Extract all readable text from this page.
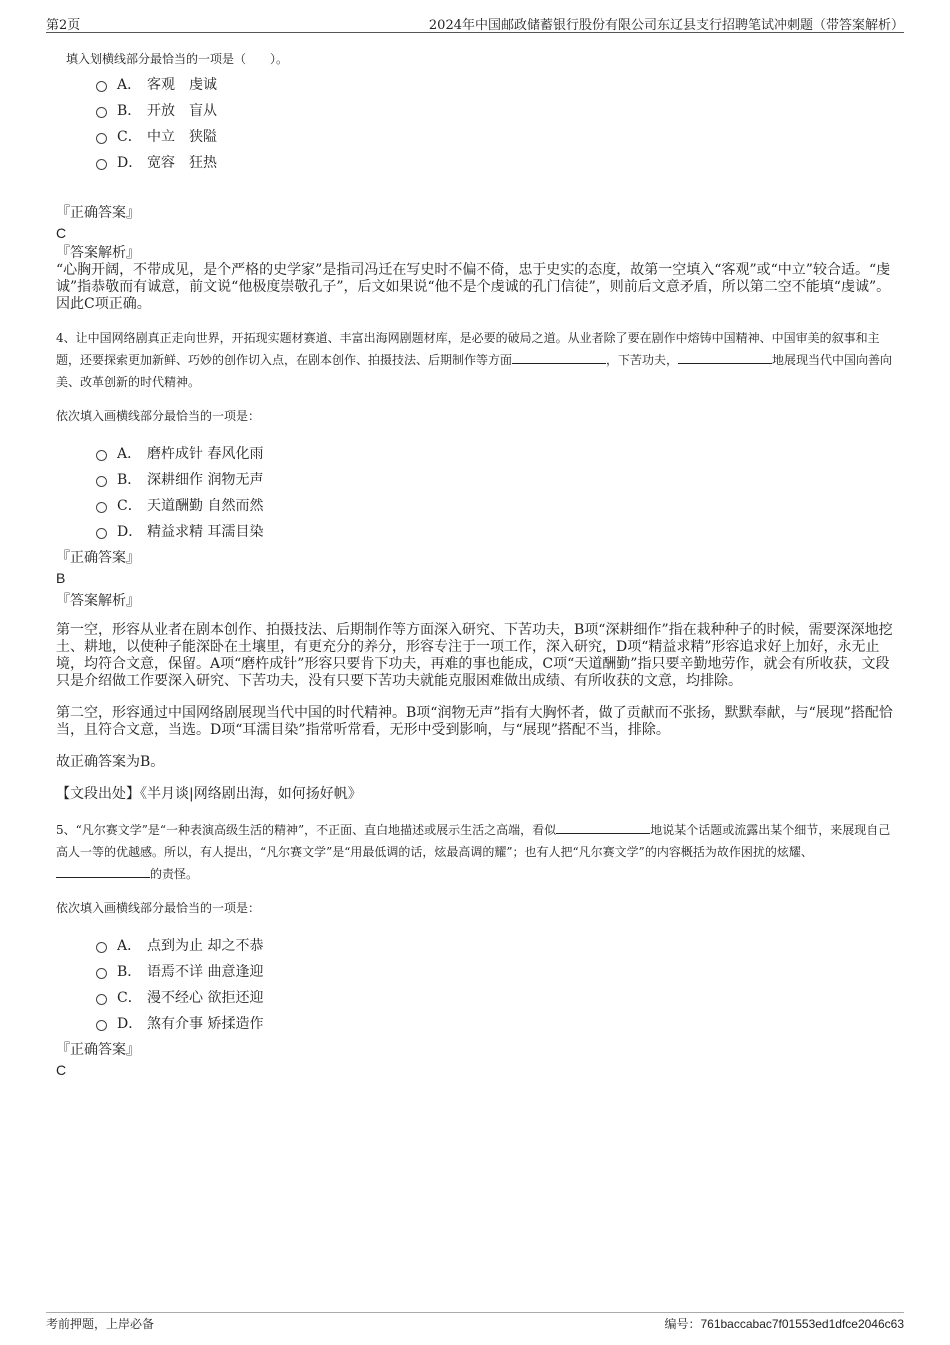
第2页	2024年中国邮政储蓄银行股份有限公司东辽县支行招聘笔试冲刺题（带答案解析）
填入划横线部分最恰当的一项是（　　）。
A． 客观　虔诚
B． 开放　盲从
C． 中立　狭隘
D． 宽容　狂热
『正确答案』
C
『答案解析』
“心胸开阔，不带成见，是个严格的史学家”是指司冯迁在写史时不偏不倚，忠于史实的态度，故第一空填入“客观”或“中立”较合适。“虔诚”指恭敬而有诚意，前文说“他极度崇敬孔子”，后文如果说“他不是个虔诚的孔门信徒”，则前后文意矛盾，所以第二空不能填“虔诚”。因此C项正确。
4、让中国网络剧真正走向世界，开拓现实题材赛道、丰富出海网剧题材库，是必要的破局之道。从业者除了要在剧作中熔铸中国精神、中国审美的叙事和主题，还要探索更加新鲜、巧妙的创作切入点，在剧本创作、拍摄技法、后期制作等方面	，下苦功夫，	地展现当代中国向善向美、改革创新的时代精神。
依次填入画横线部分最恰当的一项是：
A． 磨杵成针 春风化雨
B． 深耕细作 润物无声
C． 天道酬勤 自然而然
D． 精益求精 耳濡目染
『正确答案』
B
『答案解析』
第一空，形容从业者在剧本创作、拍摄技法、后期制作等方面深入研究、下苦功夫，B项“深耕细作”指在栽种种子的时候，需要深深地挖土、耕地，以使种子能深卧在土壤里，有更充分的养分，形容专注于一项工作，深入研究，D项“精益求精”形容追求好上加好，永无止境，均符合文意，保留。A项“磨杵成针”形容只要肯下功夫，再难的事也能成，C项“天道酬勤”指只要辛勤地劳作，就会有所收获，文段只是介绍做工作要深入研究、下苦功夫，没有只要下苦功夫就能克服困难做出成绩、有所收获的文意，均排除。
第二空，形容通过中国网络剧展现当代中国的时代精神。B项“润物无声”指有大胸怀者，做了贡献而不张扬，默默奉献，与“展现”搭配恰当，且符合文意，当选。D项“耳濡目染”指常听常看，无形中受到影响，与“展现”搭配不当，排除。
故正确答案为B。
【文段出处】《半月谈|网络剧出海，如何扬好帆》
5、“凡尔赛文学”是“一种表演高级生活的精神”，不正面、直白地描述或展示生活之高端，看似	地说某个话题或流露出某个细节，来展现自己高人一等的优越感。所以，有人提出，“凡尔赛文学”是“用最低调的话，炫最高调的耀”；也有人把“凡尔赛文学”的内容概括为故作困扰的炫耀、的责怪。
依次填入画横线部分最恰当的一项是：
A． 点到为止 却之不恭
B． 语焉不详 曲意逢迎
C． 漫不经心 欲拒还迎
D． 煞有介事 矫揉造作
『正确答案』
C
考前押题，上岸必备	编号：761baccabac7f01553ed1dfce2046c63
